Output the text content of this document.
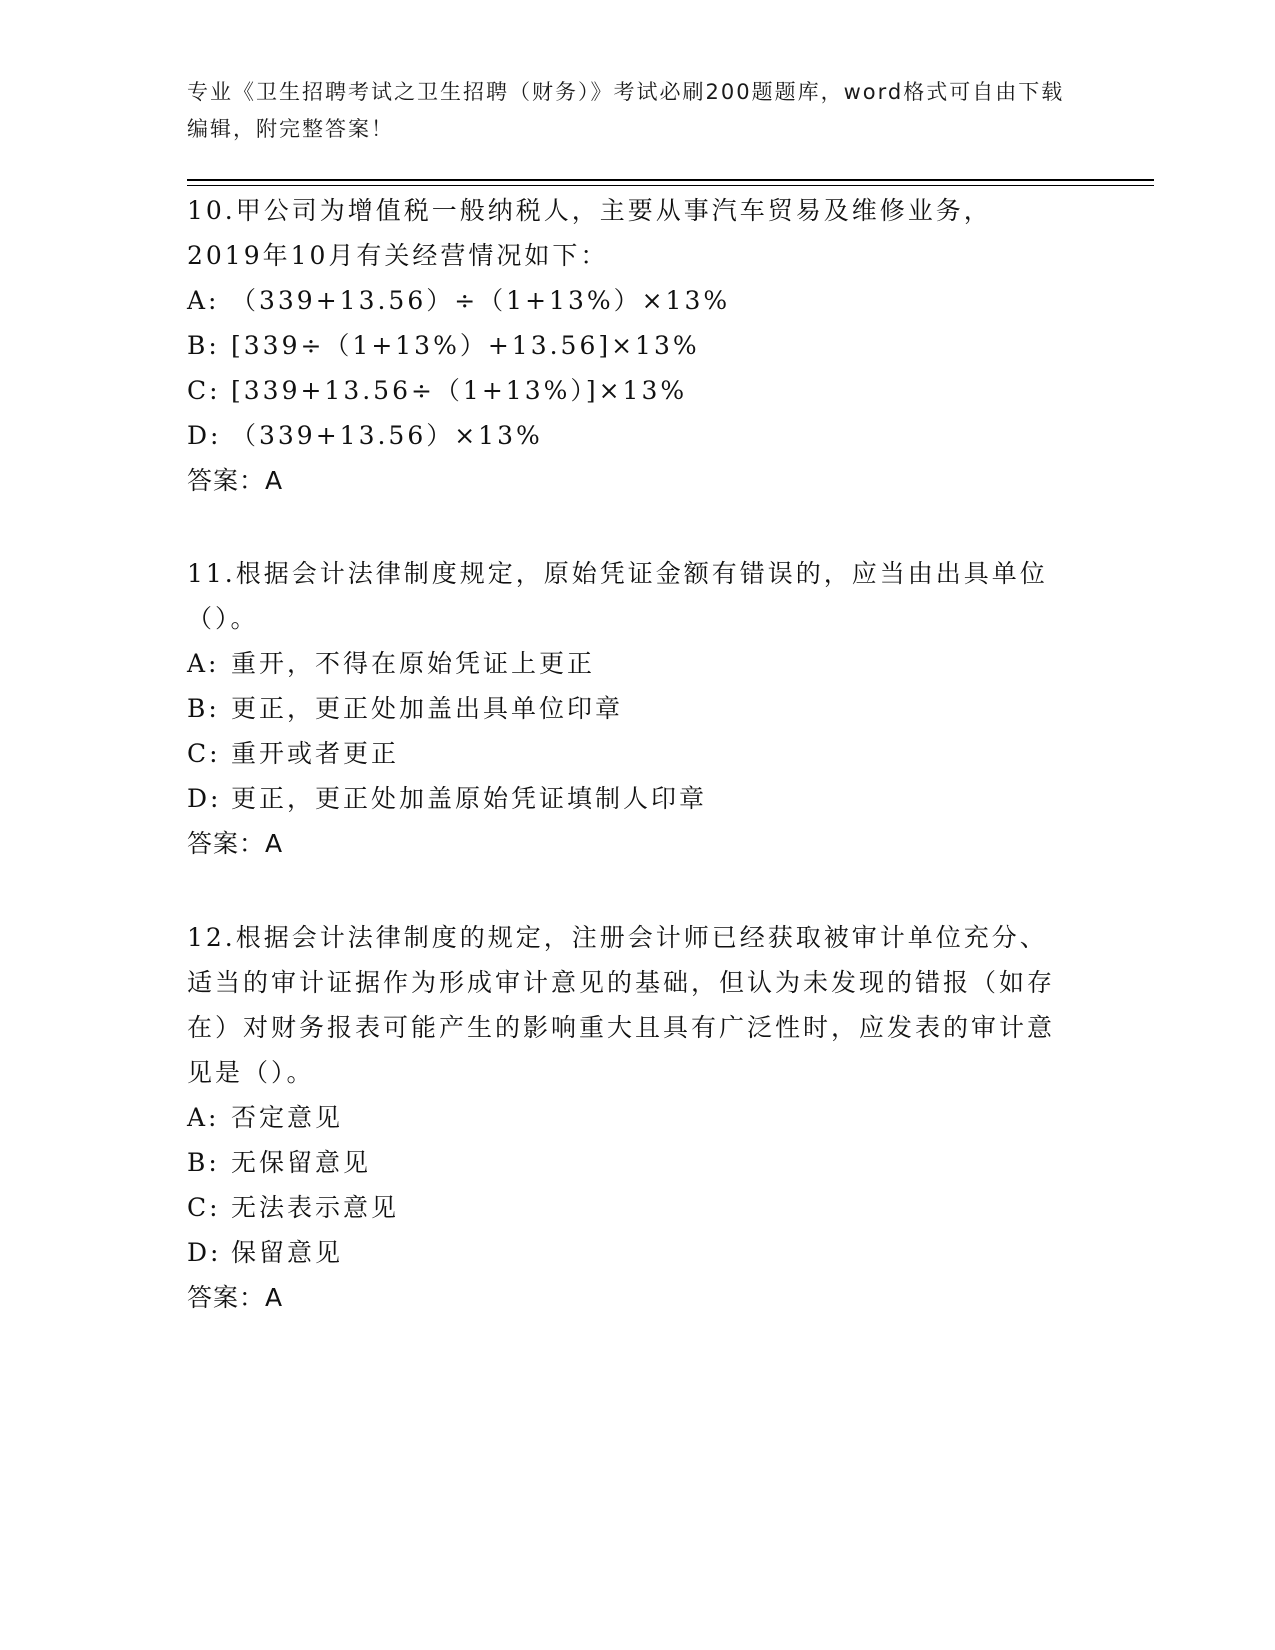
专业《卫生招聘考试之卫生招聘（财务）》考试必刷200题题库，word格式可自由下载编辑，附完整答案！

10.甲公司为增值税一般纳税人，主要从事汽车贸易及维修业务，2019年10月有关经营情况如下：

A: （339+13.56）÷（1+13%）×13%

B: [339÷（1+13%）+13.56]×13%

C: [339+13.56÷（1+13%）]×13%

D: （339+13.56）×13%

答案：A

11.根据会计法律制度规定，原始凭证金额有错误的，应当由出具单位（）。

A: 重开，不得在原始凭证上更正

B: 更正，更正处加盖出具单位印章

C: 重开或者更正

D: 更正，更正处加盖原始凭证填制人印章

答案：A

12.根据会计法律制度的规定，注册会计师已经获取被审计单位充分、适当的审计证据作为形成审计意见的基础，但认为未发现的错报（如存在）对财务报表可能产生的影响重大且具有广泛性时，应发表的审计意见是（）。

A: 否定意见

B: 无保留意见

C: 无法表示意见

D: 保留意见

答案：A
